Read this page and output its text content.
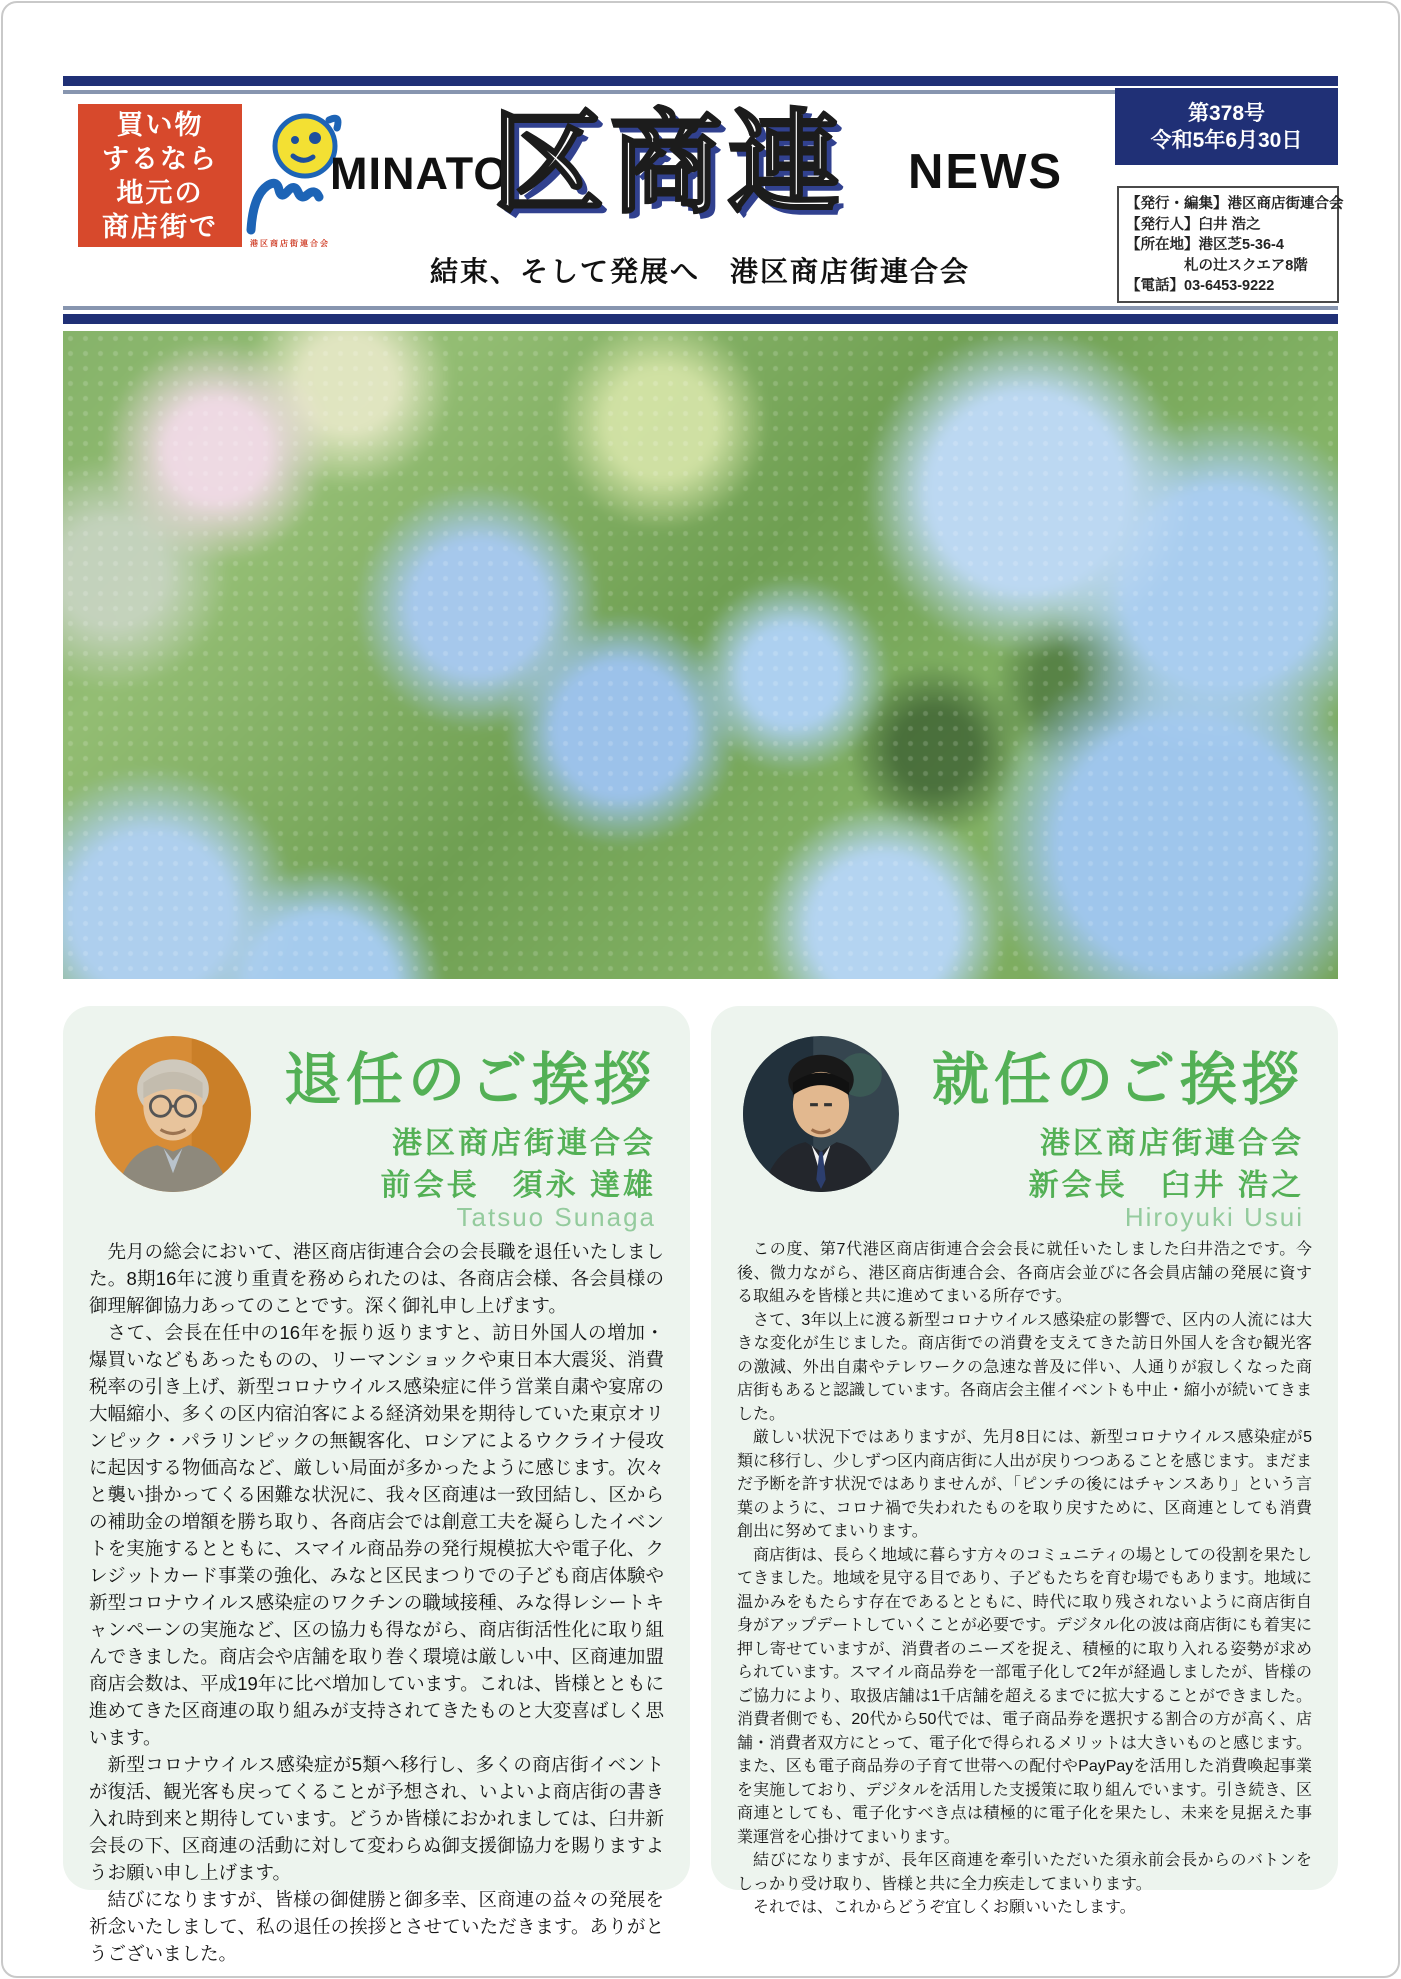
買い物
するなら
地元の
商店街で
港区商店街連合会
MINATO
区商連 NEWS
結束、そして発展へ　港区商店街連合会
第378号
令和5年6月30日
【発行・編集】港区商店街連合会
【発行人】臼井 浩之
【所在地】港区芝5-36-4
札の辻スクエア8階
【電話】03-6453-9222
退任のご挨拶
港区商店街連合会
前会長　須永 達雄
Tatsuo Sunaga

先月の総会において、港区商店街連合会の会長職を退任いたしました。8期16年に渡り重責を務められたのは、各商店会様、各会員様の御理解御協力あってのことです。深く御礼申し上げます。

さて、会長在任中の16年を振り返りますと、訪日外国人の増加・爆買いなどもあったものの、リーマンショックや東日本大震災、消費税率の引き上げ、新型コロナウイルス感染症に伴う営業自粛や宴席の大幅縮小、多くの区内宿泊客による経済効果を期待していた東京オリンピック・パラリンピックの無観客化、ロシアによるウクライナ侵攻に起因する物価高など、厳しい局面が多かったように感じます。次々と襲い掛かってくる困難な状況に、我々区商連は一致団結し、区からの補助金の増額を勝ち取り、各商店会では創意工夫を凝らしたイベントを実施するとともに、スマイル商品券の発行規模拡大や電子化、クレジットカード事業の強化、みなと区民まつりでの子ども商店体験や新型コロナウイルス感染症のワクチンの職域接種、みな得レシートキャンペーンの実施など、区の協力も得ながら、商店街活性化に取り組んできました。商店会や店舗を取り巻く環境は厳しい中、区商連加盟商店会数は、平成19年に比べ増加しています。これは、皆様とともに進めてきた区商連の取り組みが支持されてきたものと大変喜ばしく思います。

新型コロナウイルス感染症が5類へ移行し、多くの商店街イベントが復活、観光客も戻ってくることが予想され、いよいよ商店街の書き入れ時到来と期待しています。どうか皆様におかれましては、臼井新会長の下、区商連の活動に対して変わらぬ御支援御協力を賜りますようお願い申し上げます。

結びになりますが、皆様の御健勝と御多幸、区商連の益々の発展を祈念いたしまして、私の退任の挨拶とさせていただきます。ありがとうございました。

就任のご挨拶
港区商店街連合会
新会長　臼井 浩之
Hiroyuki Usui

この度、第7代港区商店街連合会会長に就任いたしました臼井浩之です。今後、微力ながら、港区商店街連合会、各商店会並びに各会員店舗の発展に資する取組みを皆様と共に進めてまいる所存です。

さて、3年以上に渡る新型コロナウイルス感染症の影響で、区内の人流には大きな変化が生じました。商店街での消費を支えてきた訪日外国人を含む観光客の激減、外出自粛やテレワークの急速な普及に伴い、人通りが寂しくなった商店街もあると認識しています。各商店会主催イベントも中止・縮小が続いてきました。

厳しい状況下ではありますが、先月8日には、新型コロナウイルス感染症が5類に移行し、少しずつ区内商店街に人出が戻りつつあることを感じます。まだまだ予断を許す状況ではありませんが、「ピンチの後にはチャンスあり」という言葉のように、コロナ禍で失われたものを取り戻すために、区商連としても消費創出に努めてまいります。

商店街は、長らく地域に暮らす方々のコミュニティの場としての役割を果たしてきました。地域を見守る目であり、子どもたちを育む場でもあります。地域に温かみをもたらす存在であるとともに、時代に取り残されないように商店街自身がアップデートしていくことが必要です。デジタル化の波は商店街にも着実に押し寄せていますが、消費者のニーズを捉え、積極的に取り入れる姿勢が求められています。スマイル商品券を一部電子化して2年が経過しましたが、皆様のご協力により、取扱店舗は1千店舗を超えるまでに拡大することができました。消費者側でも、20代から50代では、電子商品券を選択する割合の方が高く、店舗・消費者双方にとって、電子化で得られるメリットは大きいものと感じます。また、区も電子商品券の子育て世帯への配付やPayPayを活用した消費喚起事業を実施しており、デジタルを活用した支援策に取り組んでいます。引き続き、区商連としても、電子化すべき点は積極的に電子化を果たし、未来を見据えた事業運営を心掛けてまいります。

結びになりますが、長年区商連を牽引いただいた須永前会長からのバトンをしっかり受け取り、皆様と共に全力疾走してまいります。

それでは、これからどうぞ宜しくお願いいたします。
